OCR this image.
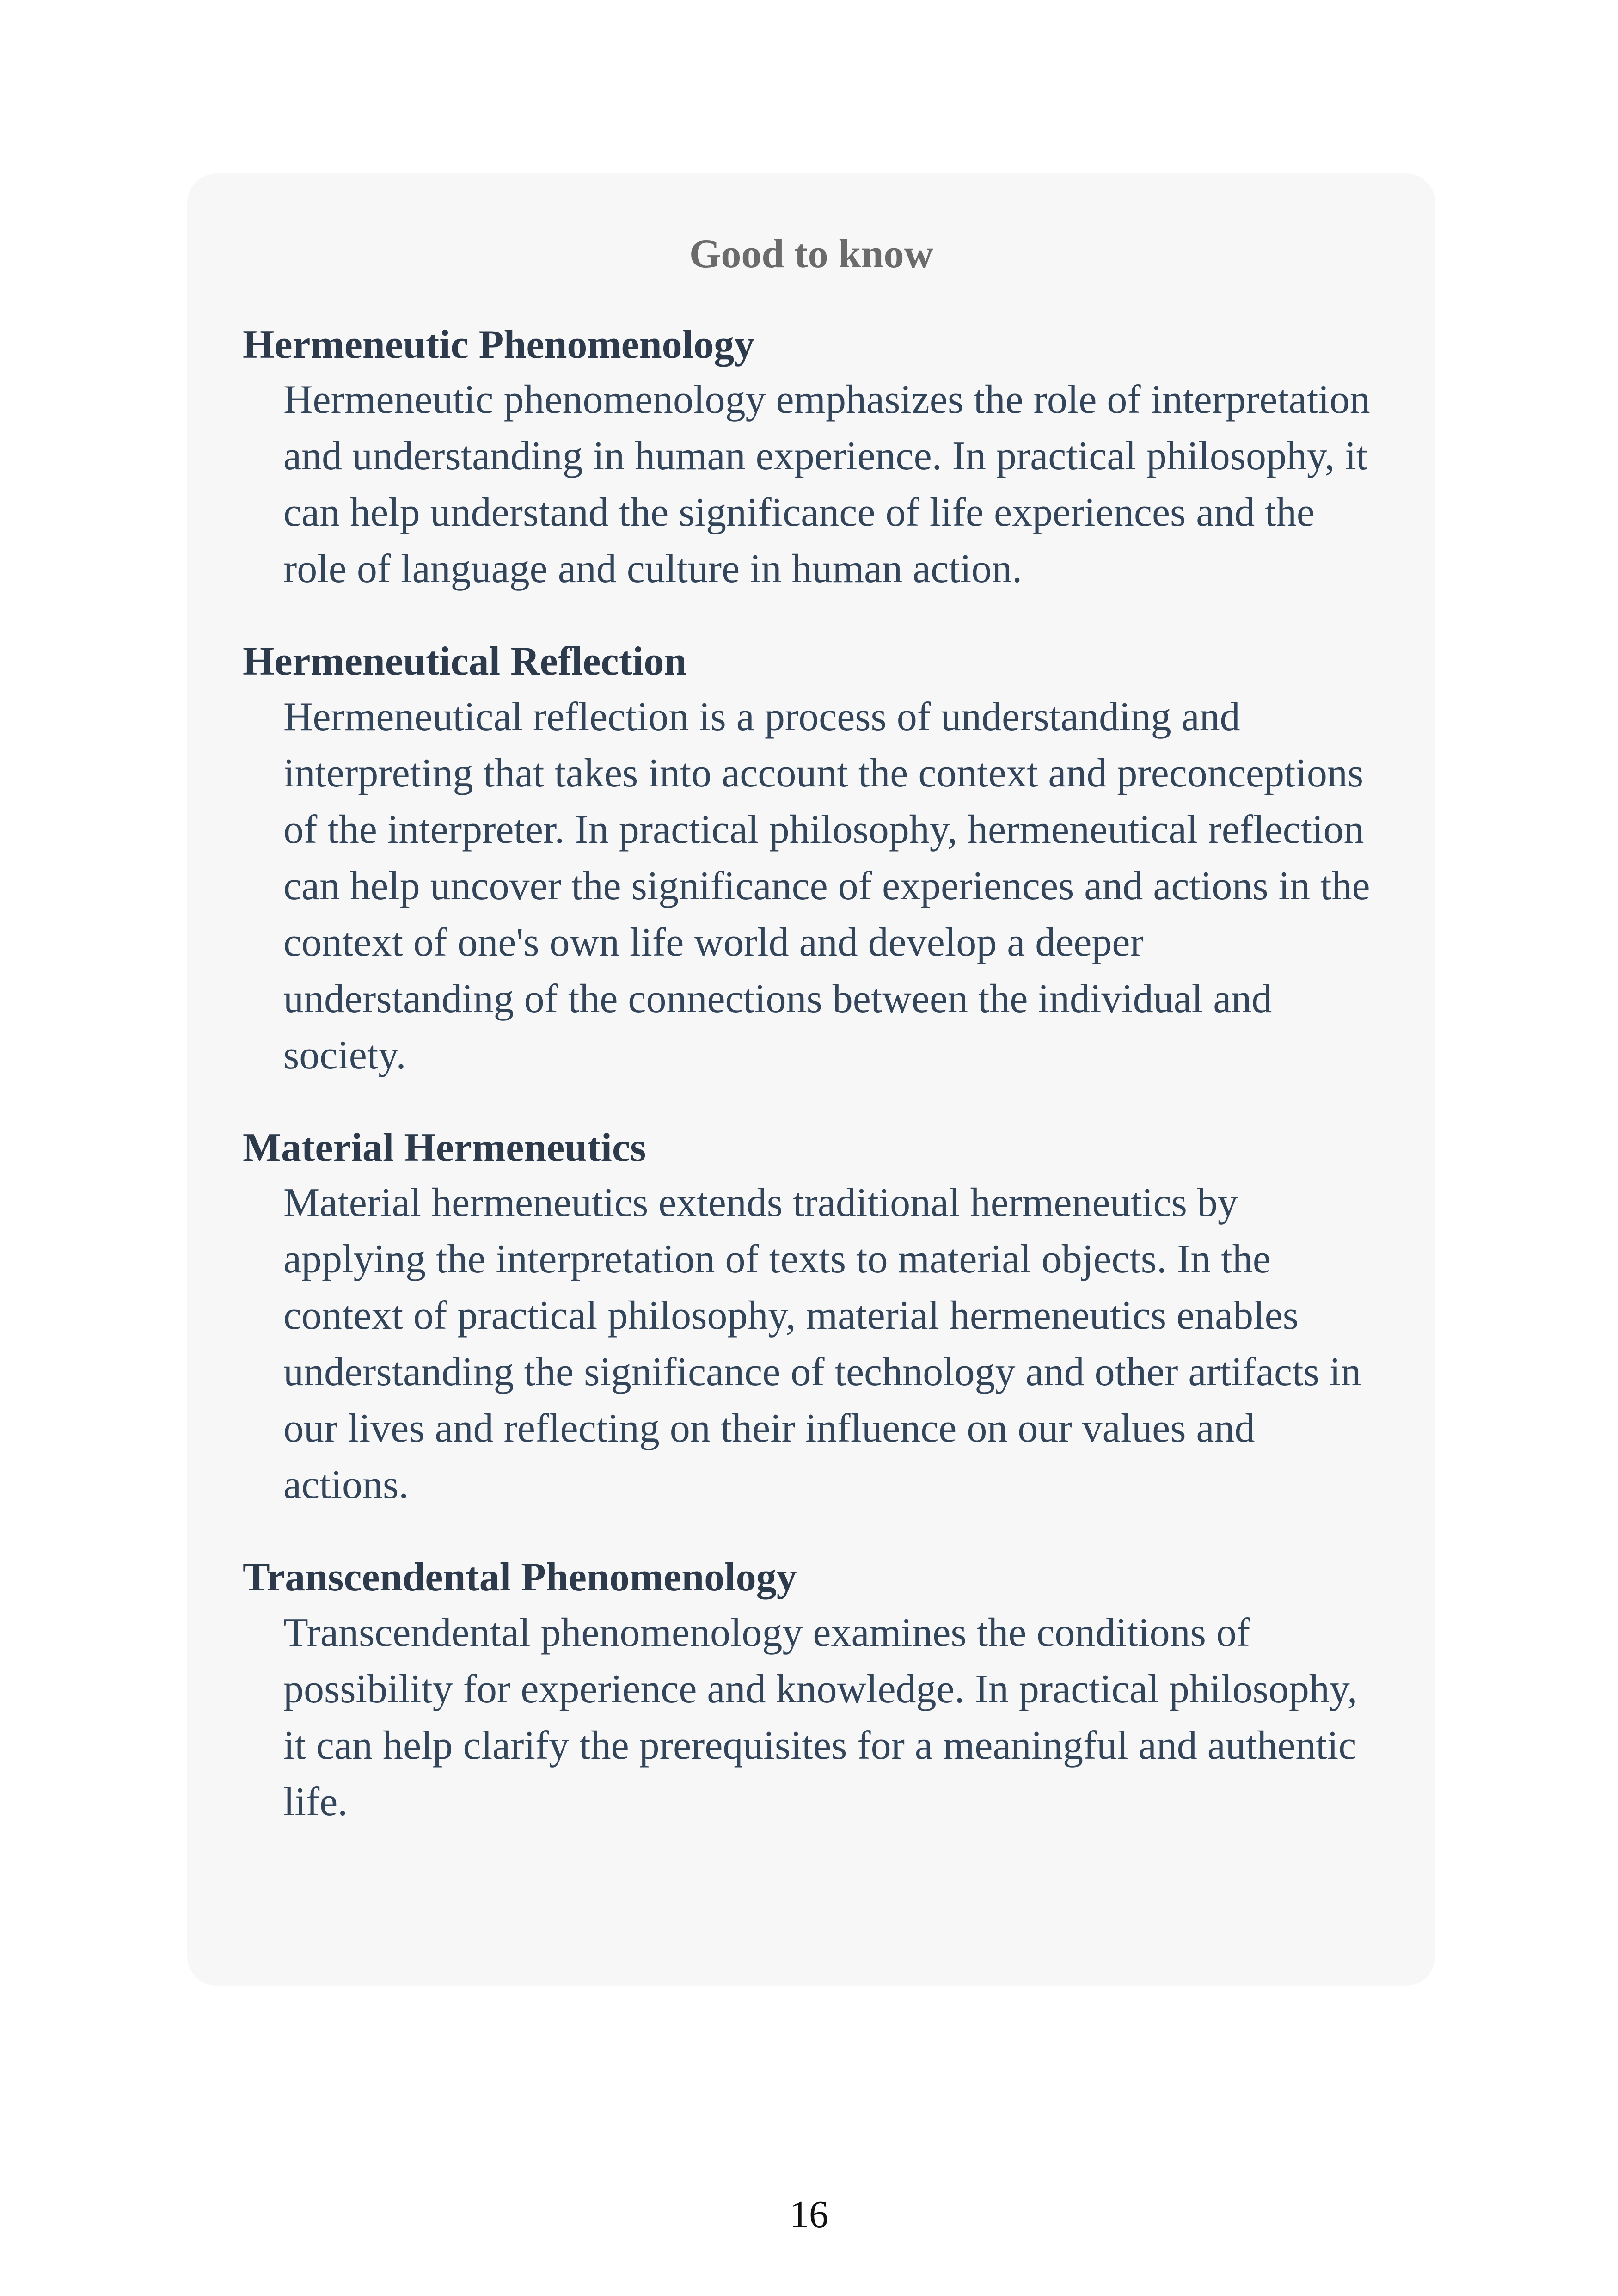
Good to know
Hermeneutic Phenomenology
Hermeneutic phenomenology emphasizes the role of interpretation and understanding in human experience. In practical philosophy, it can help understand the significance of life experiences and the role of language and culture in human action.
Hermeneutical Reflection
Hermeneutical reflection is a process of understanding and interpreting that takes into account the context and preconceptions of the interpreter. In practical philosophy, hermeneutical reflection can help uncover the significance of experiences and actions in the context of one's own life world and develop a deeper understanding of the connections between the individual and society.
Material Hermeneutics
Material hermeneutics extends traditional hermeneutics by applying the interpretation of texts to material objects. In the context of practical philosophy, material hermeneutics enables understanding the significance of technology and other artifacts in our lives and reflecting on their influence on our values and actions.
Transcendental Phenomenology
Transcendental phenomenology examines the conditions of possibility for experience and knowledge. In practical philosophy, it can help clarify the prerequisites for a meaningful and authentic life.
16
